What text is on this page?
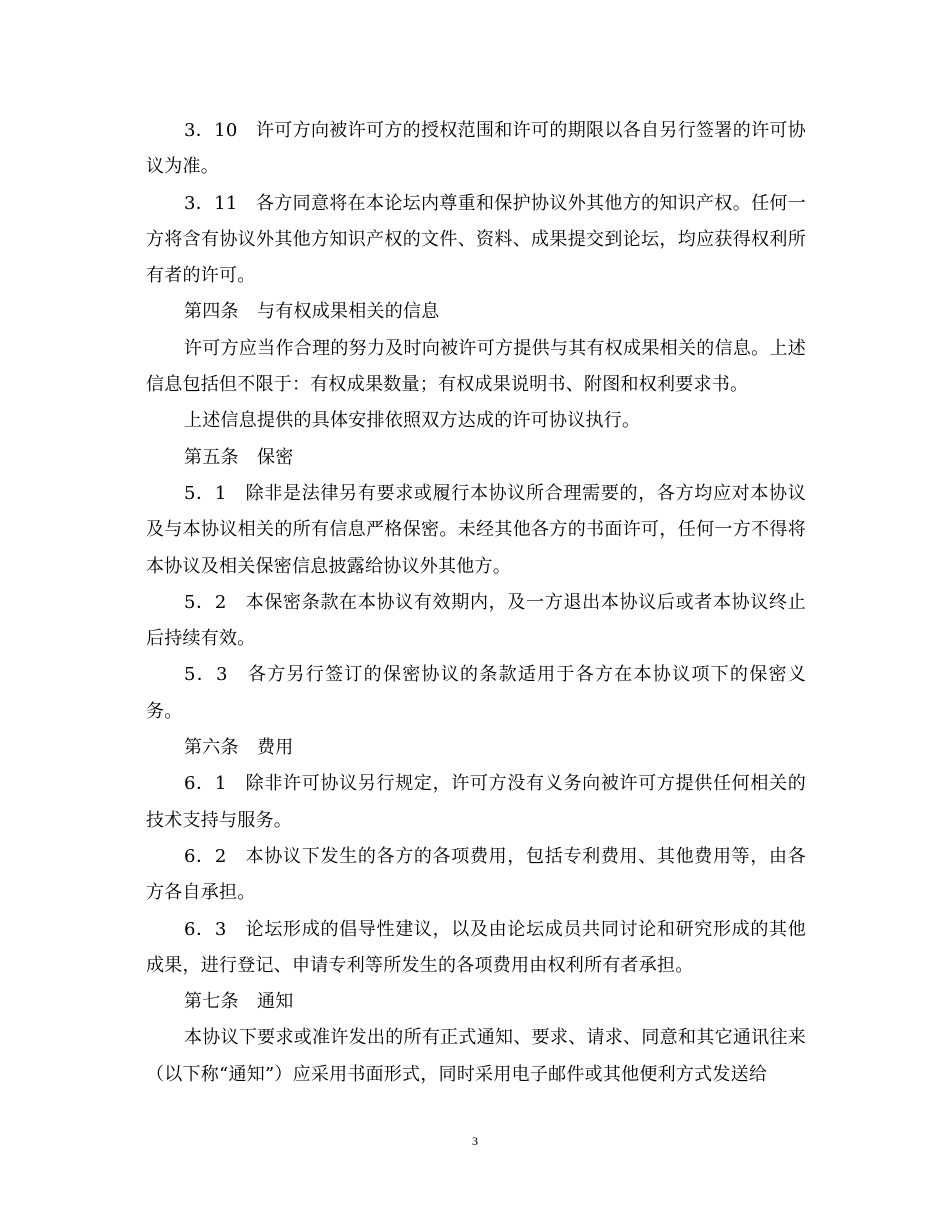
3．10　许可方向被许可方的授权范围和许可的期限以各自另行签署的许可协议为准。

3．11　各方同意将在本论坛内尊重和保护协议外其他方的知识产权。任何一方将含有协议外其他方知识产权的文件、资料、成果提交到论坛，均应获得权利所有者的许可。

第四条　与有权成果相关的信息

许可方应当作合理的努力及时向被许可方提供与其有权成果相关的信息。上述信息包括但不限于：有权成果数量；有权成果说明书、附图和权利要求书。

上述信息提供的具体安排依照双方达成的许可协议执行。

第五条　保密

5．1　除非是法律另有要求或履行本协议所合理需要的，各方均应对本协议及与本协议相关的所有信息严格保密。未经其他各方的书面许可，任何一方不得将本协议及相关保密信息披露给协议外其他方。

5．2　本保密条款在本协议有效期内，及一方退出本协议后或者本协议终止后持续有效。

5．3　各方另行签订的保密协议的条款适用于各方在本协议项下的保密义务。

第六条　费用

6．1　除非许可协议另行规定，许可方没有义务向被许可方提供任何相关的技术支持与服务。

6．2　本协议下发生的各方的各项费用，包括专利费用、其他费用等，由各方各自承担。

6．3　论坛形成的倡导性建议，以及由论坛成员共同讨论和研究形成的其他成果，进行登记、申请专利等所发生的各项费用由权利所有者承担。

第七条　通知

本协议下要求或准许发出的所有正式通知、要求、请求、同意和其它通讯往来（以下称“通知”）应采用书面形式，同时采用电子邮件或其他便利方式发送给

3
